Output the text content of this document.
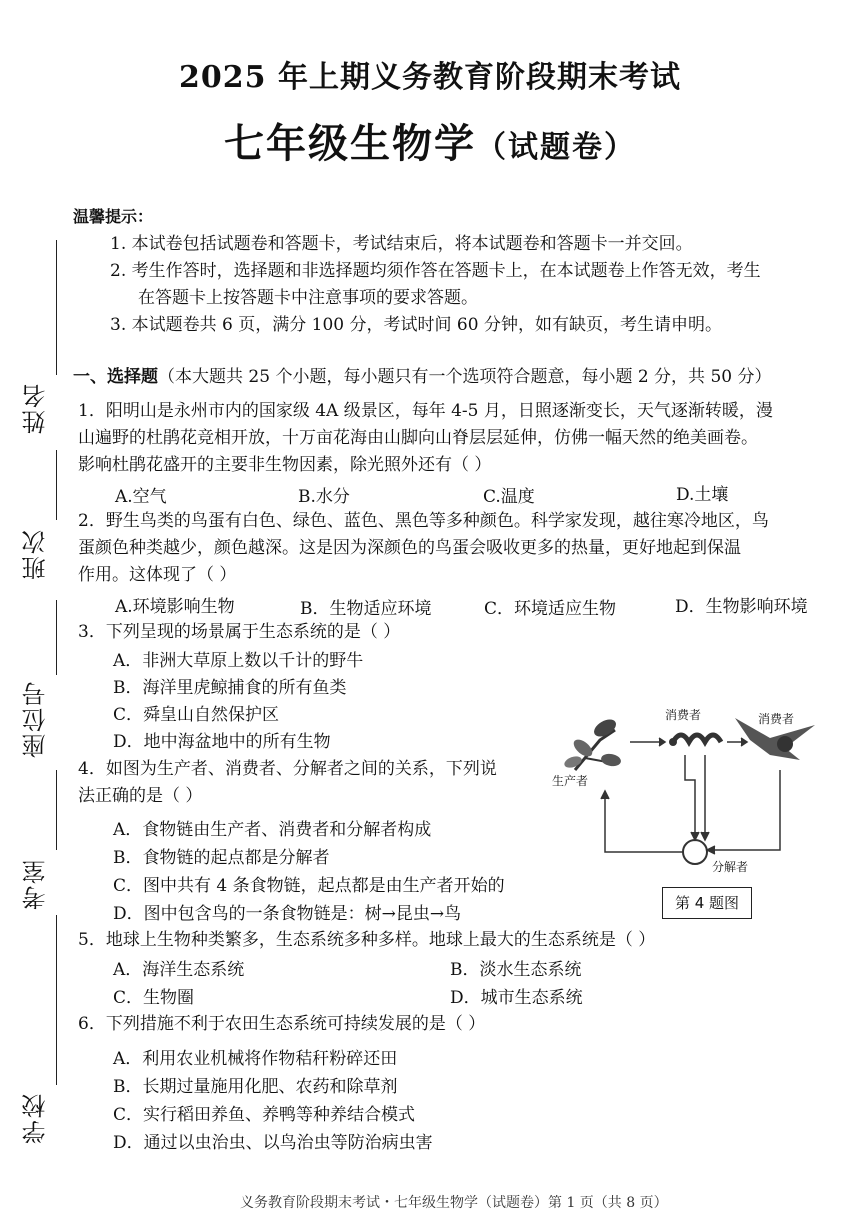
2025 年上期义务教育阶段期末考试
七年级生物学（试题卷）
姓名
班次
座位号
考室
学校
温馨提示：
1. 本试卷包括试题卷和答题卡，考试结束后，将本试题卷和答题卡一并交回。
2. 考生作答时，选择题和非选择题均须作答在答题卡上，在本试题卷上作答无效，考生
在答题卡上按答题卡中注意事项的要求答题。
3. 本试题卷共 6 页，满分 100 分，考试时间 60 分钟，如有缺页，考生请申明。
一、选择题（本大题共 25 个小题，每小题只有一个选项符合题意，每小题 2 分，共 50 分）
1．阳明山是永州市内的国家级 4A 级景区，每年 4-5 月，日照逐渐变长，天气逐渐转暖，漫
山遍野的杜鹃花竞相开放，十万亩花海由山脚向山脊层层延伸，仿佛一幅天然的绝美画卷。
影响杜鹃花盛开的主要非生物因素，除光照外还有（ ）
A.空气	B.水分	C.温度	D.土壤
2．野生鸟类的鸟蛋有白色、绿色、蓝色、黑色等多种颜色。科学家发现，越往寒冷地区，鸟
蛋颜色种类越少，颜色越深。这是因为深颜色的鸟蛋会吸收更多的热量，更好地起到保温
作用。这体现了（ ）
A.环境影响生物	B．生物适应环境	C．环境适应生物	D．生物影响环境
3．下列呈现的场景属于生态系统的是（ ）
A．非洲大草原上数以千计的野牛
B．海洋里虎鲸捕食的所有鱼类
C．舜皇山自然保护区
D．地中海盆地中的所有生物
4．如图为生产者、消费者、分解者之间的关系，下列说
法正确的是（ ）
A．食物链由生产者、消费者和分解者构成
B．食物链的起点都是分解者
C．图中共有 4 条食物链，起点都是由生产者开始的
D．图中包含鸟的一条食物链是：树→昆虫→鸟
消费者	消费者
生产者
分解者
第 4 题图
5．地球上生物种类繁多，生态系统多种多样。地球上最大的生态系统是（ ）
A．海洋生态系统	B．淡水生态系统
C．生物圈	D．城市生态系统
6．下列措施不利于农田生态系统可持续发展的是（ ）
A．利用农业机械将作物秸秆粉碎还田
B．长期过量施用化肥、农药和除草剂
C．实行稻田养鱼、养鸭等种养结合模式
D．通过以虫治虫、以鸟治虫等防治病虫害
义务教育阶段期末考试・七年级生物学（试题卷）第 1 页（共 8 页）
